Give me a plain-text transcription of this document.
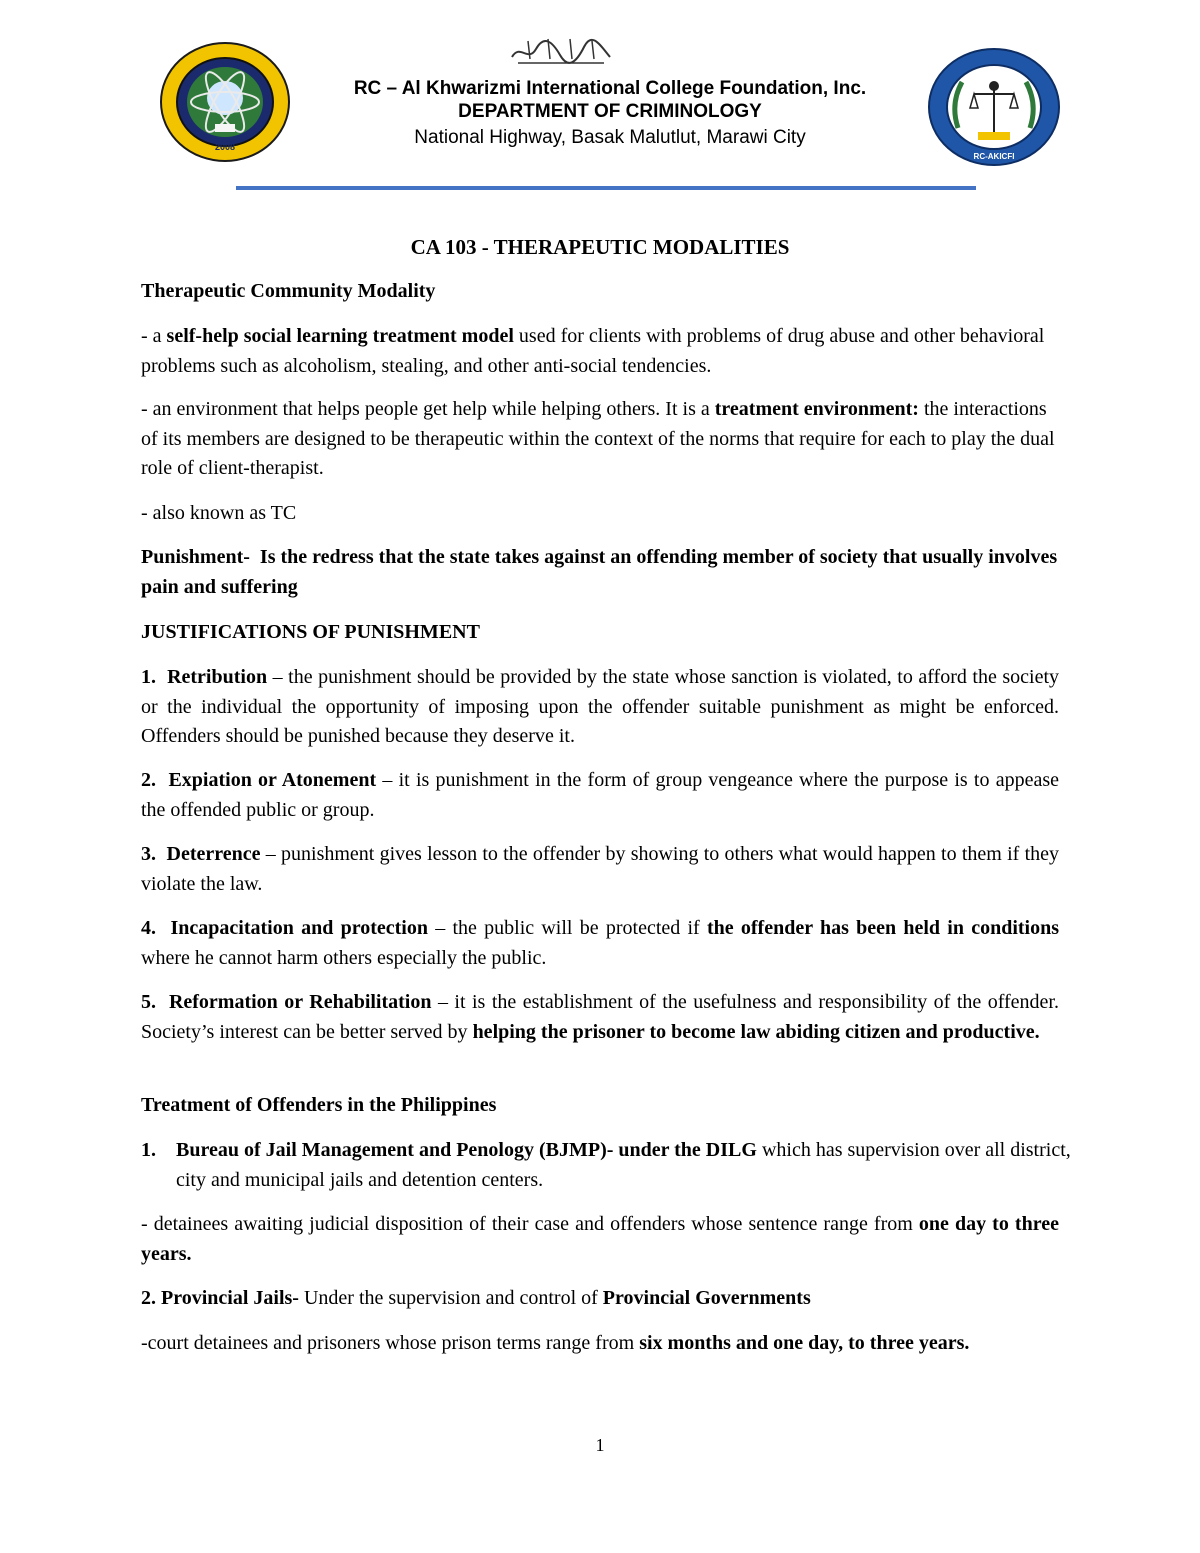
2008
RC – Al Khwarizmi International College Foundation, Inc.
DEPARTMENT OF CRIMINOLOGY
National Highway, Basak Malutlut, Marawi City
RC-AKICFI
CA 103 - THERAPEUTIC MODALITIES
Therapeutic Community Modality
- a self-help social learning treatment model used for clients with problems of drug abuse and other behavioral problems such as alcoholism, stealing, and other anti-social tendencies.
- an environment that helps people get help while helping others. It is a treatment environment: the interactions of its members are designed to be therapeutic within the context of the norms that require for each to play the dual role of client-therapist.
- also known as TC
Punishment- Is the redress that the state takes against an offending member of society that usually involves pain and suffering
JUSTIFICATIONS OF PUNISHMENT
1. Retribution – the punishment should be provided by the state whose sanction is violated, to afford the society or the individual the opportunity of imposing upon the offender suitable punishment as might be enforced. Offenders should be punished because they deserve it.
2. Expiation or Atonement – it is punishment in the form of group vengeance where the purpose is to appease the offended public or group.
3. Deterrence – punishment gives lesson to the offender by showing to others what would happen to them if they violate the law.
4. Incapacitation and protection – the public will be protected if the offender has been held in conditions where he cannot harm others especially the public.
5. Reformation or Rehabilitation – it is the establishment of the usefulness and responsibility of the offender. Society’s interest can be better served by helping the prisoner to become law abiding citizen and productive.
Treatment of Offenders in the Philippines
1. Bureau of Jail Management and Penology (BJMP)- under the DILG which has supervision over all district, city and municipal jails and detention centers.
- detainees awaiting judicial disposition of their case and offenders whose sentence range from one day to three years.
2. Provincial Jails- Under the supervision and control of Provincial Governments
-court detainees and prisoners whose prison terms range from six months and one day, to three years.
1
